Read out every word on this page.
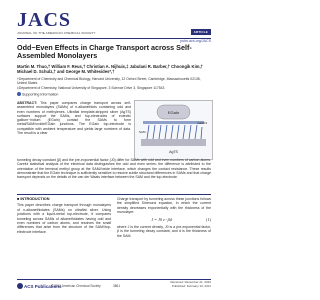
JACS
JOURNAL OF THE AMERICAN CHEMICAL SOCIETY	ARTICLE
pubs.acs.org/JACS
Odd−Even Effects in Charge Transport across Self-Assembled Monolayers
Martin M. Thuo,† William F. Reus,† Christian A. Nijhuis,‡ Jabulani R. Barber,† Choongik Kim,† Michael D. Schulz,† and George M. Whitesides*,†
†Department of Chemistry and Chemical Biology, Harvard University, 12 Oxford Street, Cambridge, Massachusetts 02138, United States
‡Department of Chemistry, National University of Singapore, 3 Science Drive 3, Singapore 117543
Supporting Information
ABSTRACT: This paper compares charge transport across self-assembled monolayers (SAMs) of n-alkanethiols containing odd and even numbers of methylenes. Ultraflat template-stripped silver (AgTS) surfaces support the SAMs, and top-electrodes of eutectic gallium−indium (EGaIn) contact the SAMs to form metal/SAM//oxide/EGaIn junctions. The EGaIn top-electrode is compatible with ambient temperature and yields large numbers of data. The result is a clear
EGaIn
Ga2O3
SAM
AgTS
tunneling decay constant (β) and the pre-exponential factor (J0) differ for SAMs with odd and even numbers of carbon atoms. Careful statistical analysis of the electrical data distinguishes the odd and even series; the difference is attributed to the orientation of the terminal methyl group at the SAM//oxide interface, which changes the contact resistance. These results demonstrate that the EGaIn technique is sufficiently sensitive to resolve subtle structural differences in SAMs and that charge transport depends on the details of the van der Waals interface between the SAM and the top-electrode.
■ INTRODUCTION
This paper describes charge transport through monolayers of n-alkanethiolates (SAMs) on ultraflat silver. Using junctions with a liquid-metal top-electrode, it compares tunneling across SAMs of alkanethiolates having odd and even numbers of carbon atoms, and resolves the small differences that arise from the structure of the SAM//top-electrode interface.
Charge transport by tunneling across these junctions follows the simplified Simmons equation, in which the current density decreases exponentially with the thickness of the monolayer:
J = J0 e−βd	(1)
where J is the current density, J0 is a pre-exponential factor, β is the tunneling decay constant, and d is the thickness of the SAM.
ACS Publications
© 2011 American Chemical Society	3861
Received: December 21, 2010
Published: February 10, 2011
